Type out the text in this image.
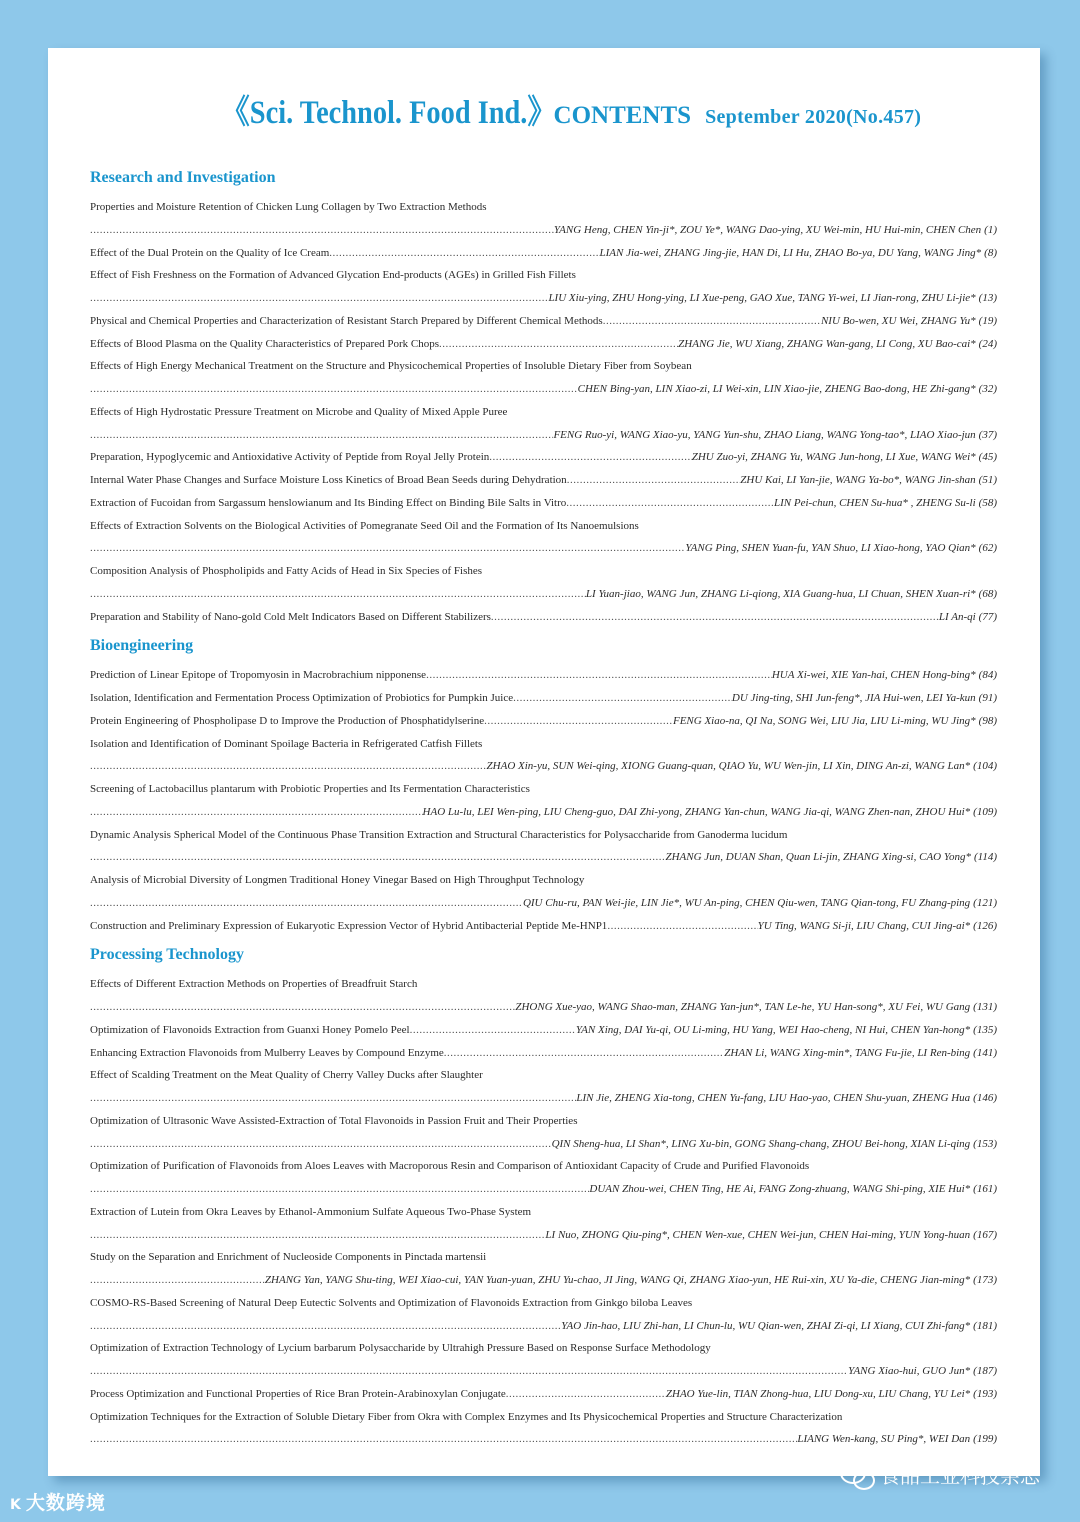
《Sci. Technol. Food Ind.》 CONTENTS September 2020(No.457)
Research and Investigation
Properties and Moisture Retention of Chicken Lung Collagen by Two Extraction Methods
.....
YANG Heng, CHEN Yin-ji*, ZOU Ye*, WANG Dao-ying, XU Wei-min, HU Hui-min, CHEN Chen (1)
Effect of the Dual Protein on the Quality of Ice Cream .....	LIAN Jia-wei, ZHANG Jing-jie, HAN Di, LI Hu, ZHAO Bo-ya, DU Yang, WANG Jing* (8)
Effect of Fish Freshness on the Formation of Advanced Glycation End-products (AGEs) in Grilled Fish Fillets
.....
LIU Xiu-ying, ZHU Hong-ying, LI Xue-peng, GAO Xue, TANG Yi-wei, LI Jian-rong, ZHU Li-jie* (13)
Physical and Chemical Properties and Characterization of Resistant Starch Prepared by Different Chemical Methods .....	NIU Bo-wen, XU Wei, ZHANG Yu* (19)
Effects of Blood Plasma on the Quality Characteristics of Prepared Pork Chops .....	ZHANG Jie, WU Xiang, ZHANG Wan-gang, LI Cong, XU Bao-cai* (24)
Effects of High Energy Mechanical Treatment on the Structure and Physicochemical Properties of Insoluble Dietary Fiber from Soybean
.....
CHEN Bing-yan, LIN Xiao-zi, LI Wei-xin, LIN Xiao-jie, ZHENG Bao-dong, HE Zhi-gang* (32)
Effects of High Hydrostatic Pressure Treatment on Microbe and Quality of Mixed Apple Puree
.....
FENG Ruo-yi, WANG Xiao-yu, YANG Yun-shu, ZHAO Liang, WANG Yong-tao*, LIAO Xiao-jun (37)
Preparation, Hypoglycemic and Antioxidative Activity of Peptide from Royal Jelly Protein .....	ZHU Zuo-yi, ZHANG Yu, WANG Jun-hong, LI Xue, WANG Wei* (45)
Internal Water Phase Changes and Surface Moisture Loss Kinetics of Broad Bean Seeds during Dehydration .....	ZHU Kai, LI Yan-jie, WANG Ya-bo*, WANG Jin-shan (51)
Extraction of Fucoidan from Sargassum henslowianum and Its Binding Effect on Binding Bile Salts in Vitro .....	LIN Pei-chun, CHEN Su-hua* , ZHENG Su-li (58)
Effects of Extraction Solvents on the Biological Activities of Pomegranate Seed Oil and the Formation of Its Nanoemulsions
.....
YANG Ping, SHEN Yuan-fu, YAN Shuo, LI Xiao-hong, YAO Qian* (62)
Composition Analysis of Phospholipids and Fatty Acids of Head in Six Species of Fishes
.....
LI Yuan-jiao, WANG Jun, ZHANG Li-qiong, XIA Guang-hua, LI Chuan, SHEN Xuan-ri* (68)
Preparation and Stability of Nano-gold Cold Melt Indicators Based on Different Stabilizers .....	LI An-qi (77)
Bioengineering
Prediction of Linear Epitope of Tropomyosin in Macrobrachium nipponense .....	HUA Xi-wei, XIE Yan-hai, CHEN Hong-bing* (84)
Isolation, Identification and Fermentation Process Optimization of Probiotics for Pumpkin Juice .....	DU Jing-ting, SHI Jun-feng*, JIA Hui-wen, LEI Ya-kun (91)
Protein Engineering of Phospholipase D to Improve the Production of Phosphatidylserine .....	FENG Xiao-na, QI Na, SONG Wei, LIU Jia, LIU Li-ming, WU Jing* (98)
Isolation and Identification of Dominant Spoilage Bacteria in Refrigerated Catfish Fillets
.....
ZHAO Xin-yu, SUN Wei-qing, XIONG Guang-quan, QIAO Yu, WU Wen-jin, LI Xin, DING An-zi, WANG Lan* (104)
Screening of Lactobacillus plantarum with Probiotic Properties and Its Fermentation Characteristics
.....
HAO Lu-lu, LEI Wen-ping, LIU Cheng-guo, DAI Zhi-yong, ZHANG Yan-chun, WANG Jia-qi, WANG Zhen-nan, ZHOU Hui* (109)
Dynamic Analysis Spherical Model of the Continuous Phase Transition Extraction and Structural Characteristics for Polysaccharide from Ganoderma lucidum
.....
ZHANG Jun, DUAN Shan, Quan Li-jin, ZHANG Xing-si, CAO Yong* (114)
Analysis of Microbial Diversity of Longmen Traditional Honey Vinegar Based on High Throughput Technology
.....
QIU Chu-ru, PAN Wei-jie, LIN Jie*, WU An-ping, CHEN Qiu-wen, TANG Qian-tong, FU Zhang-ping (121)
Construction and Preliminary Expression of Eukaryotic Expression Vector of Hybrid Antibacterial Peptide Me-HNP1 .....	YU Ting, WANG Si-ji, LIU Chang, CUI Jing-ai* (126)
Processing Technology
Effects of Different Extraction Methods on Properties of Breadfruit Starch
.....
ZHONG Xue-yao, WANG Shao-man, ZHANG Yan-jun*, TAN Le-he, YU Han-song*, XU Fei, WU Gang (131)
Optimization of Flavonoids Extraction from Guanxi Honey Pomelo Peel .....	YAN Xing, DAI Yu-qi, OU Li-ming, HU Yang, WEI Hao-cheng, NI Hui, CHEN Yan-hong* (135)
Enhancing Extraction Flavonoids from Mulberry Leaves by Compound Enzyme .....	ZHAN Li, WANG Xing-min*, TANG Fu-jie, LI Ren-bing (141)
Effect of Scalding Treatment on the Meat Quality of Cherry Valley Ducks after Slaughter
.....
LIN Jie, ZHENG Xia-tong, CHEN Yu-fang, LIU Hao-yao, CHEN Shu-yuan, ZHENG Hua (146)
Optimization of Ultrasonic Wave Assisted-Extraction of Total Flavonoids in Passion Fruit and Their Properties
.....
QIN Sheng-hua, LI Shan*, LING Xu-bin, GONG Shang-chang, ZHOU Bei-hong, XIAN Li-qing (153)
Optimization of Purification of Flavonoids from Aloes Leaves with Macroporous Resin and Comparison of Antioxidant Capacity of Crude and Purified Flavonoids
.....
DUAN Zhou-wei, CHEN Ting, HE Ai, FANG Zong-zhuang, WANG Shi-ping, XIE Hui* (161)
Extraction of Lutein from Okra Leaves by Ethanol-Ammonium Sulfate Aqueous Two-Phase System
.....
LI Nuo, ZHONG Qiu-ping*, CHEN Wen-xue, CHEN Wei-jun, CHEN Hai-ming, YUN Yong-huan (167)
Study on the Separation and Enrichment of Nucleoside Components in Pinctada martensii
.....
ZHANG Yan, YANG Shu-ting, WEI Xiao-cui, YAN Yuan-yuan, ZHU Yu-chao, JI Jing, WANG Qi, ZHANG Xiao-yun, HE Rui-xin, XU Ya-die, CHENG Jian-ming* (173)
COSMO-RS-Based Screening of Natural Deep Eutectic Solvents and Optimization of Flavonoids Extraction from Ginkgo biloba Leaves
.....
YAO Jin-hao, LIU Zhi-han, LI Chun-lu, WU Qian-wen, ZHAI Zi-qi, LI Xiang, CUI Zhi-fang* (181)
Optimization of Extraction Technology of Lycium barbarum Polysaccharide by Ultrahigh Pressure Based on Response Surface Methodology
.....
YANG Xiao-hui, GUO Jun* (187)
Process Optimization and Functional Properties of Rice Bran Protein-Arabinoxylan Conjugate .....	ZHAO Yue-lin, TIAN Zhong-hua, LIU Dong-xu, LIU Chang, YU Lei* (193)
Optimization Techniques for the Extraction of Soluble Dietary Fiber from Okra with Complex Enzymes and Its Physicochemical Properties and Structure Characterization
.....
LIANG Wen-kang, SU Ping*, WEI Dan (199)
K 大数跨境
食品工业科技杂志
